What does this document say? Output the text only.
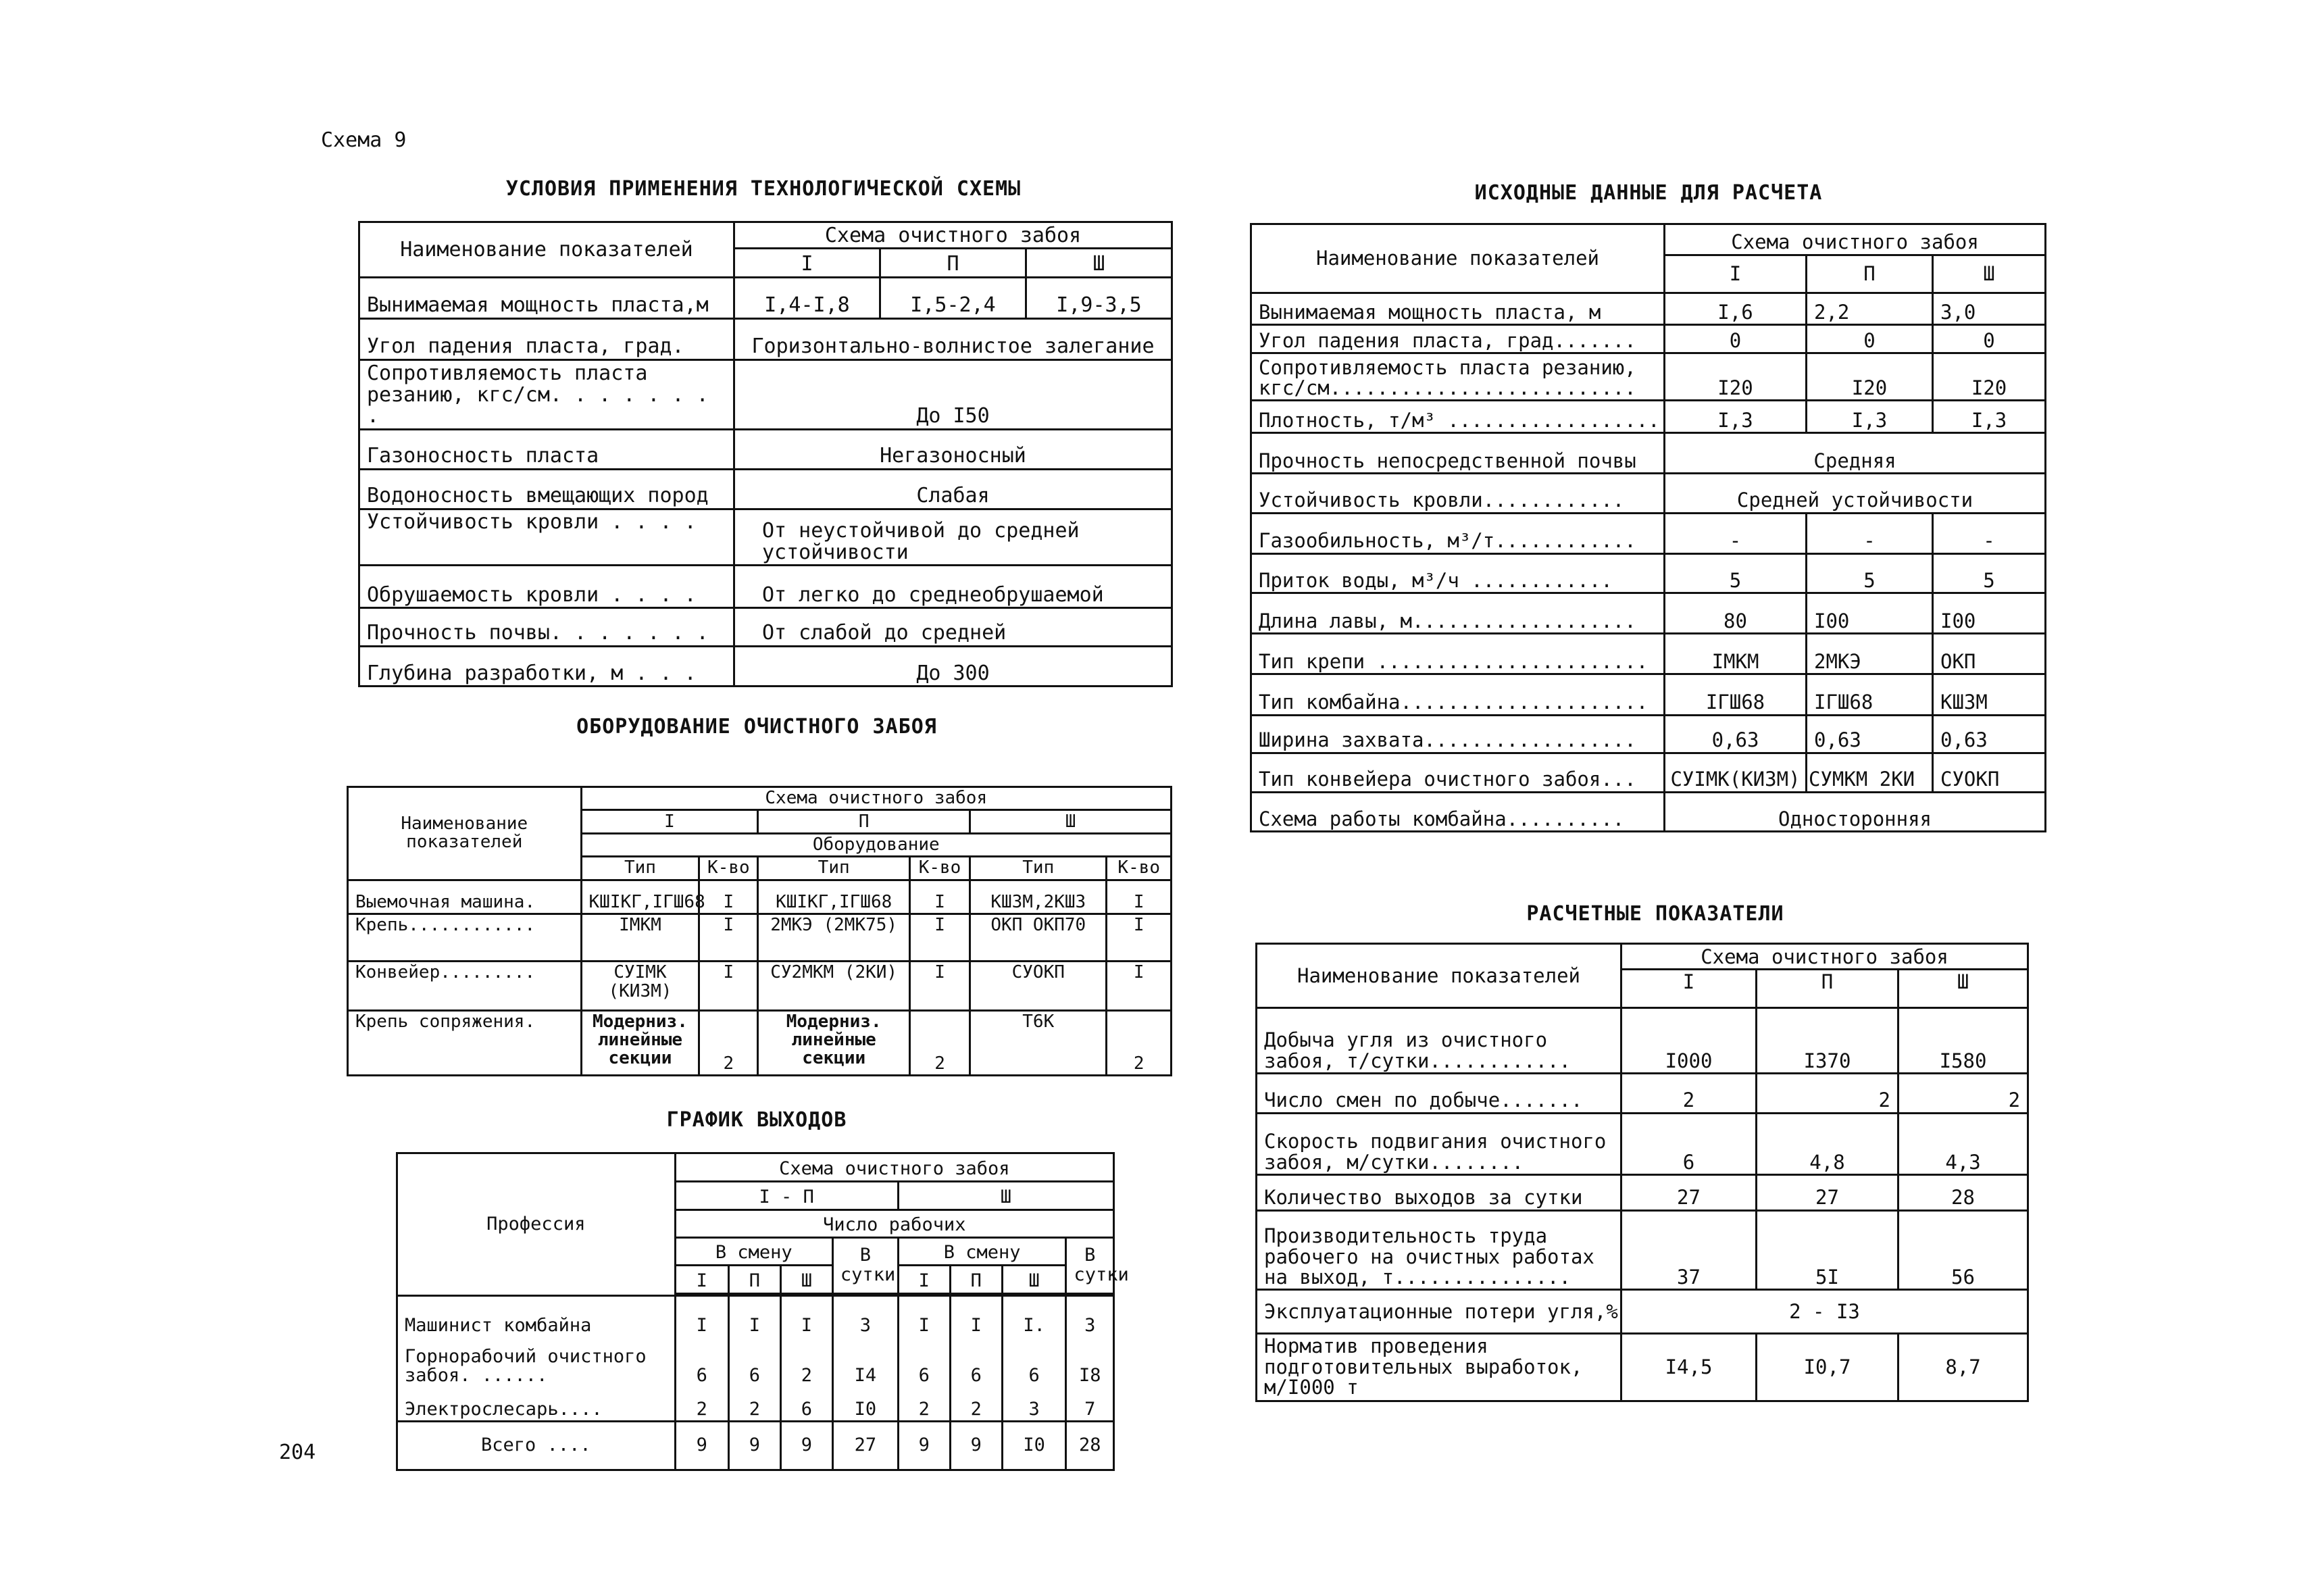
Схема 9
204
УСЛОВИЯ ПРИМЕНЕНИЯ ТЕХНОЛОГИЧЕСКОЙ СХЕМЫ
ОБОРУДОВАНИЕ ОЧИСТНОГО ЗАБОЯ
ГРАФИК ВЫХОДОВ
ИСХОДНЫЕ ДАННЫЕ ДЛЯ РАСЧЕТА
РАСЧЕТНЫЕ ПОКАЗАТЕЛИ
Наименование показателей	Схема очистного забоя		
	I	П	Ш
Вынимаемая мощность пласта,м	I,4-I,8	I,5-2,4	I,9-3,5
Угол падения пласта, град.	Горизонтально-волнистое залегание		
Сопротивляемость пласта резанию, кгс/см. . . . . . . .	До I50		
Газоносность пласта	Негазоносный		
Водоносность вмещающих пород	Слабая		
Устойчивость кровли . . . .	От неустойчивой до средней устойчивости		
Обрушаемость кровли . . . .	От легко до среднеобрушаемой		
Прочность почвы. . . . . . .	От слабой до средней		
Глубина разработки, м . . .	До 300		
Наименование показателей	Схема очистного забоя					
	I		П		Ш	
	Оборудование					
	Тип	К-во	Тип	К-во	Тип	К-во
Выемочная машина.	КШIКГ,IГШ68	I	КШIКГ,IГШ68	I	КШЗМ,2КШЗ	I
Крепь............	IМКМ	I	2МКЭ (2МК75)	I	ОКП ОКП70	I
Конвейер.........	СУIМК (КИЗМ)	I	СУ2МКМ (2КИ)	I	СУОКП	I
Крепь сопряжения.	Модерниз. линейные секции	2	Модерниз. линейные секции	2	Т6К	2
Профессия	Схема очистного забоя							
	I - П				Ш			
	Число рабочих							
	В смену			В сутки	В смену			В сутки
	I	П	Ш		I	П	Ш	

Машинист комбайна	I	I	I	3	I	I	I.	3
Горнорабочий очистного забоя. ......	6	6	2	I4	6	6	6	I8
Электрослесарь....	2	2	6	I0	2	2	3	7
Всего ....	9	9	9	27	9	9	I0	28
Наименование показателей	Схема очистного забоя		
	I	П	Ш
Вынимаемая мощность пласта, м	I,6	2,2	3,0
Угол падения пласта, град.......	0	0	0
Сопротивляемость пласта резанию, кгс/см..........................	I20	I20	I20
Плотность, т/м³ ..................	I,3	I,3	I,3
Прочность непосредственной почвы	Средняя		
Устойчивость кровли............	Средней устойчивости		
Газообильность, м³/т............	-	-	-
Приток воды, м³/ч ............	5	5	5
Длина лавы, м...................	80	I00	I00
Тип крепи .......................	IМКМ	2МКЭ	ОКП
Тип комбайна.....................	IГШ68	IГШ68	КШЗМ
Ширина захвата..................	0,63	0,63	0,63
Тип конвейера очистного забоя...	СУIМК(КИЗМ)	СУМКМ 2КИ	СУОКП
Схема работы комбайна..........	Односторонняя		
Наименование показателей	Схема очистного забоя		
	I	П	Ш
Добыча угля из очистного забоя, т/сутки............	I000	I370	I580
Число смен по добыче.......	2	2	2
Скорость подвигания очистного забоя, м/сутки........	6	4,8	4,3
Количество выходов за сутки	27	27	28
Производительность труда рабочего на очистных работах на выход, т...............	37	5I	56
Эксплуатационные потери угля,%	2 - I3		
Норматив проведения подготовительных выработок, м/I000 т	I4,5	I0,7	8,7
